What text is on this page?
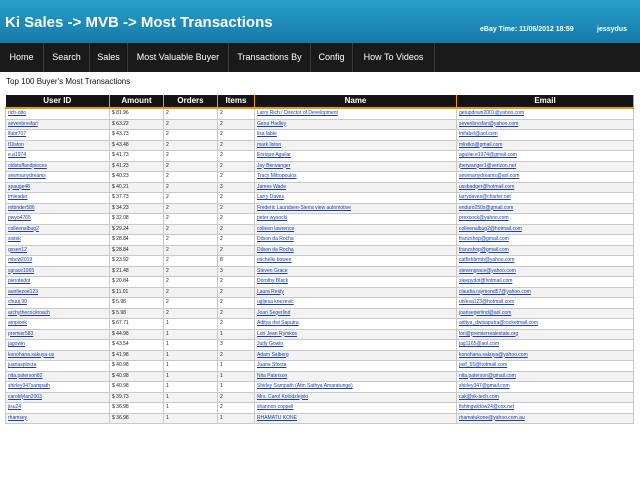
Ki Sales -> MVB -> Most Transactions	eBay Time: 11/06/2012 18:59	jessydus
Home	Search	Sales	Most Valuable Buyer	Transactions By	Config	How To Videos
Top 100 Buyer's Most Transactions
User ID	Amount	Orders	Items	Name	Email
rich-obo	$ 81.96	2	2	Larry Rich / Director of Development	getupdown2001@yahoo.com
sevenbrvsfan	$ 63.22	2	2	Gena Hadley	sevenbrvsfan@yahoo.com
lfubr707	$ 43.73	2	2	lisa fable	lmfabel@aol.com
f1liston	$ 43.48	2	2	mark liston	mlistko@gmail.com
e.a1974	$ 41.73	2	2	Enrique Aguilar	aguilar.e1974@gmail.com
oldstuffandpieces	$ 41.23	2	2	Jay Berwanger	jberwanger1@verizon.net
sewmanydreams	$ 40.23	2	2	Tracy Mitropoulos	sewmanydreams@aol.com
spauge48	$ 40.21	2	3	James Wade	ussbadger@hotmail.com
tmleader	$ 37.73	2	2	Larry Daves	larrydaves@charter.net
mtbrider586	$ 34.23	2	2	Frederic Lauridsen-Sierra view automotive	enduro250x@gmail.com
pwyo4765	$ 32.08	2	2	peter wysocki	prexsock@yahoo.com
colleenalbug2	$ 29.24	2	2	colleen lawrence	colleenalbug2@hotmail.com
sistek	$ 28.84	2	2	Dilson da Rocha	franzshop@gmail.com
gssen12	$ 28.84	2	2	Dilson da Rocha	franzshop@gmail.com
mbcw2019	$ 23.92	2	8	michelle bowen	catfishbrmb@yahoo.com
sgrace1965	$ 21.48	2	3	Steven Grace	stevengrace@yahoo.com
pierotedot	$ 20.84	2	2	Dorothy Black	sleepydot@hotmail.com
auntiezoe123	$ 11.01	2	2	Laura Reidy	claudia.raymond57@yahoo.com
chuuj.90	$ 5.98	2	2	ugljesa knezevic	uhlesa123@hotmail.com
archythecockroach	$ 5.98	2	2	Joan Segerlind	joansegerlind@aol.com
ampionk	$ 67.71	1	2	Aditya dwi Saputra	aditya_dwisaputra@rocketmail.com
premier583	$ 44.98	1	1	Lori Jean Rymkos	lori@premierrealestate.org
jagowin	$ 43.54	1	3	Judy Gowin	jag1165@aol.com
konohana.sakuya-us	$ 41.98	1	2	Adam Salberg	konohana.sakuya@yahoo.com
juanasplorza	$ 40.98	1	1	Juana Sforza	jasf_55@hotmail.com
nita.paterson82	$ 40.98	1	1	Nita Paterson	nita.paterson@gmail.com
shirley347sampath	$ 40.98	1	1	Shirley Sampath (Attn Sathya Amaratunge)	shirley347@gmail.com
caroldylan2003	$ 39.73	1	2	Mrs. Carol Kolodziejski	cak@sk-tech.com
jisu24	$ 36.98	1	2	shannon coppell	fishingwidow24@cox.net
rhamsey	$ 36.98	1	1	RHAMATU KONE	rhamatukone@yahoo.com.au
